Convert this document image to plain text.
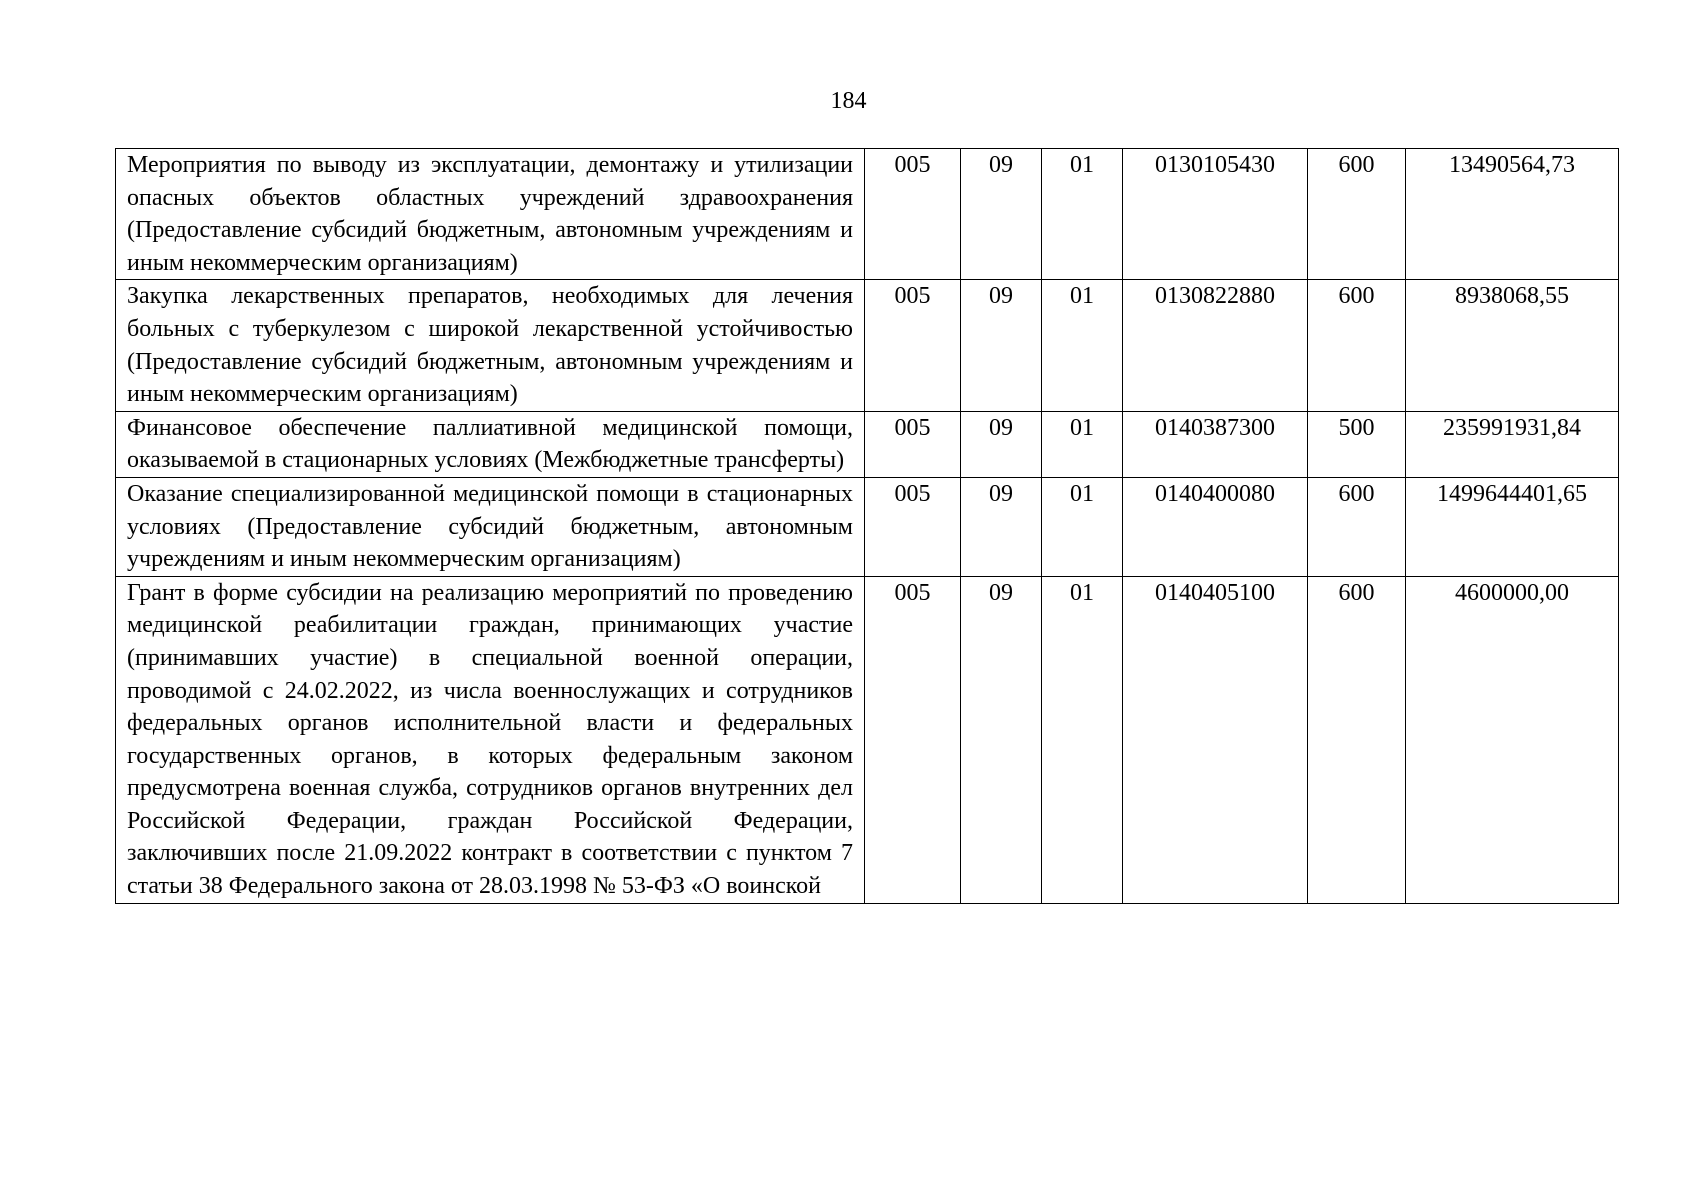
184
Мероприятия по выводу из эксплуатации, демонтажу и утилизации опасных объектов областных учреждений здравоохранения (Предоставление субсидий бюджетным, автономным учреждениям и иным некоммерческим организациям)	005	09	01	0130105430	600	13490564,73
Закупка лекарственных препаратов, необходимых для лечения больных с туберкулезом с широкой лекарственной устойчивостью (Предоставление субсидий бюджетным, автономным учреждениям и иным некоммерческим организациям)	005	09	01	0130822880	600	8938068,55
Финансовое обеспечение паллиативной медицинской помощи, оказываемой в стационарных условиях (Межбюджетные трансферты)	005	09	01	0140387300	500	235991931,84
Оказание специализированной медицинской помощи в стационарных условиях (Предоставление субсидий бюджетным, автономным учреждениям и иным некоммерческим организациям)	005	09	01	0140400080	600	1499644401,65
Грант в форме субсидии на реализацию мероприятий по проведению медицинской реабилитации граждан, принимающих участие (принимавших участие) в специальной военной операции, проводимой с 24.02.2022, из числа военнослужащих и сотрудников федеральных органов исполнительной власти и федеральных государственных органов, в которых федеральным законом предусмотрена военная служба, сотрудников органов внутренних дел Российской Федерации, граждан Российской Федерации, заключивших после 21.09.2022 контракт в соответствии с пунктом 7 статьи 38 Федерального закона от 28.03.1998 № 53-ФЗ «О воинской	005	09	01	0140405100	600	4600000,00
